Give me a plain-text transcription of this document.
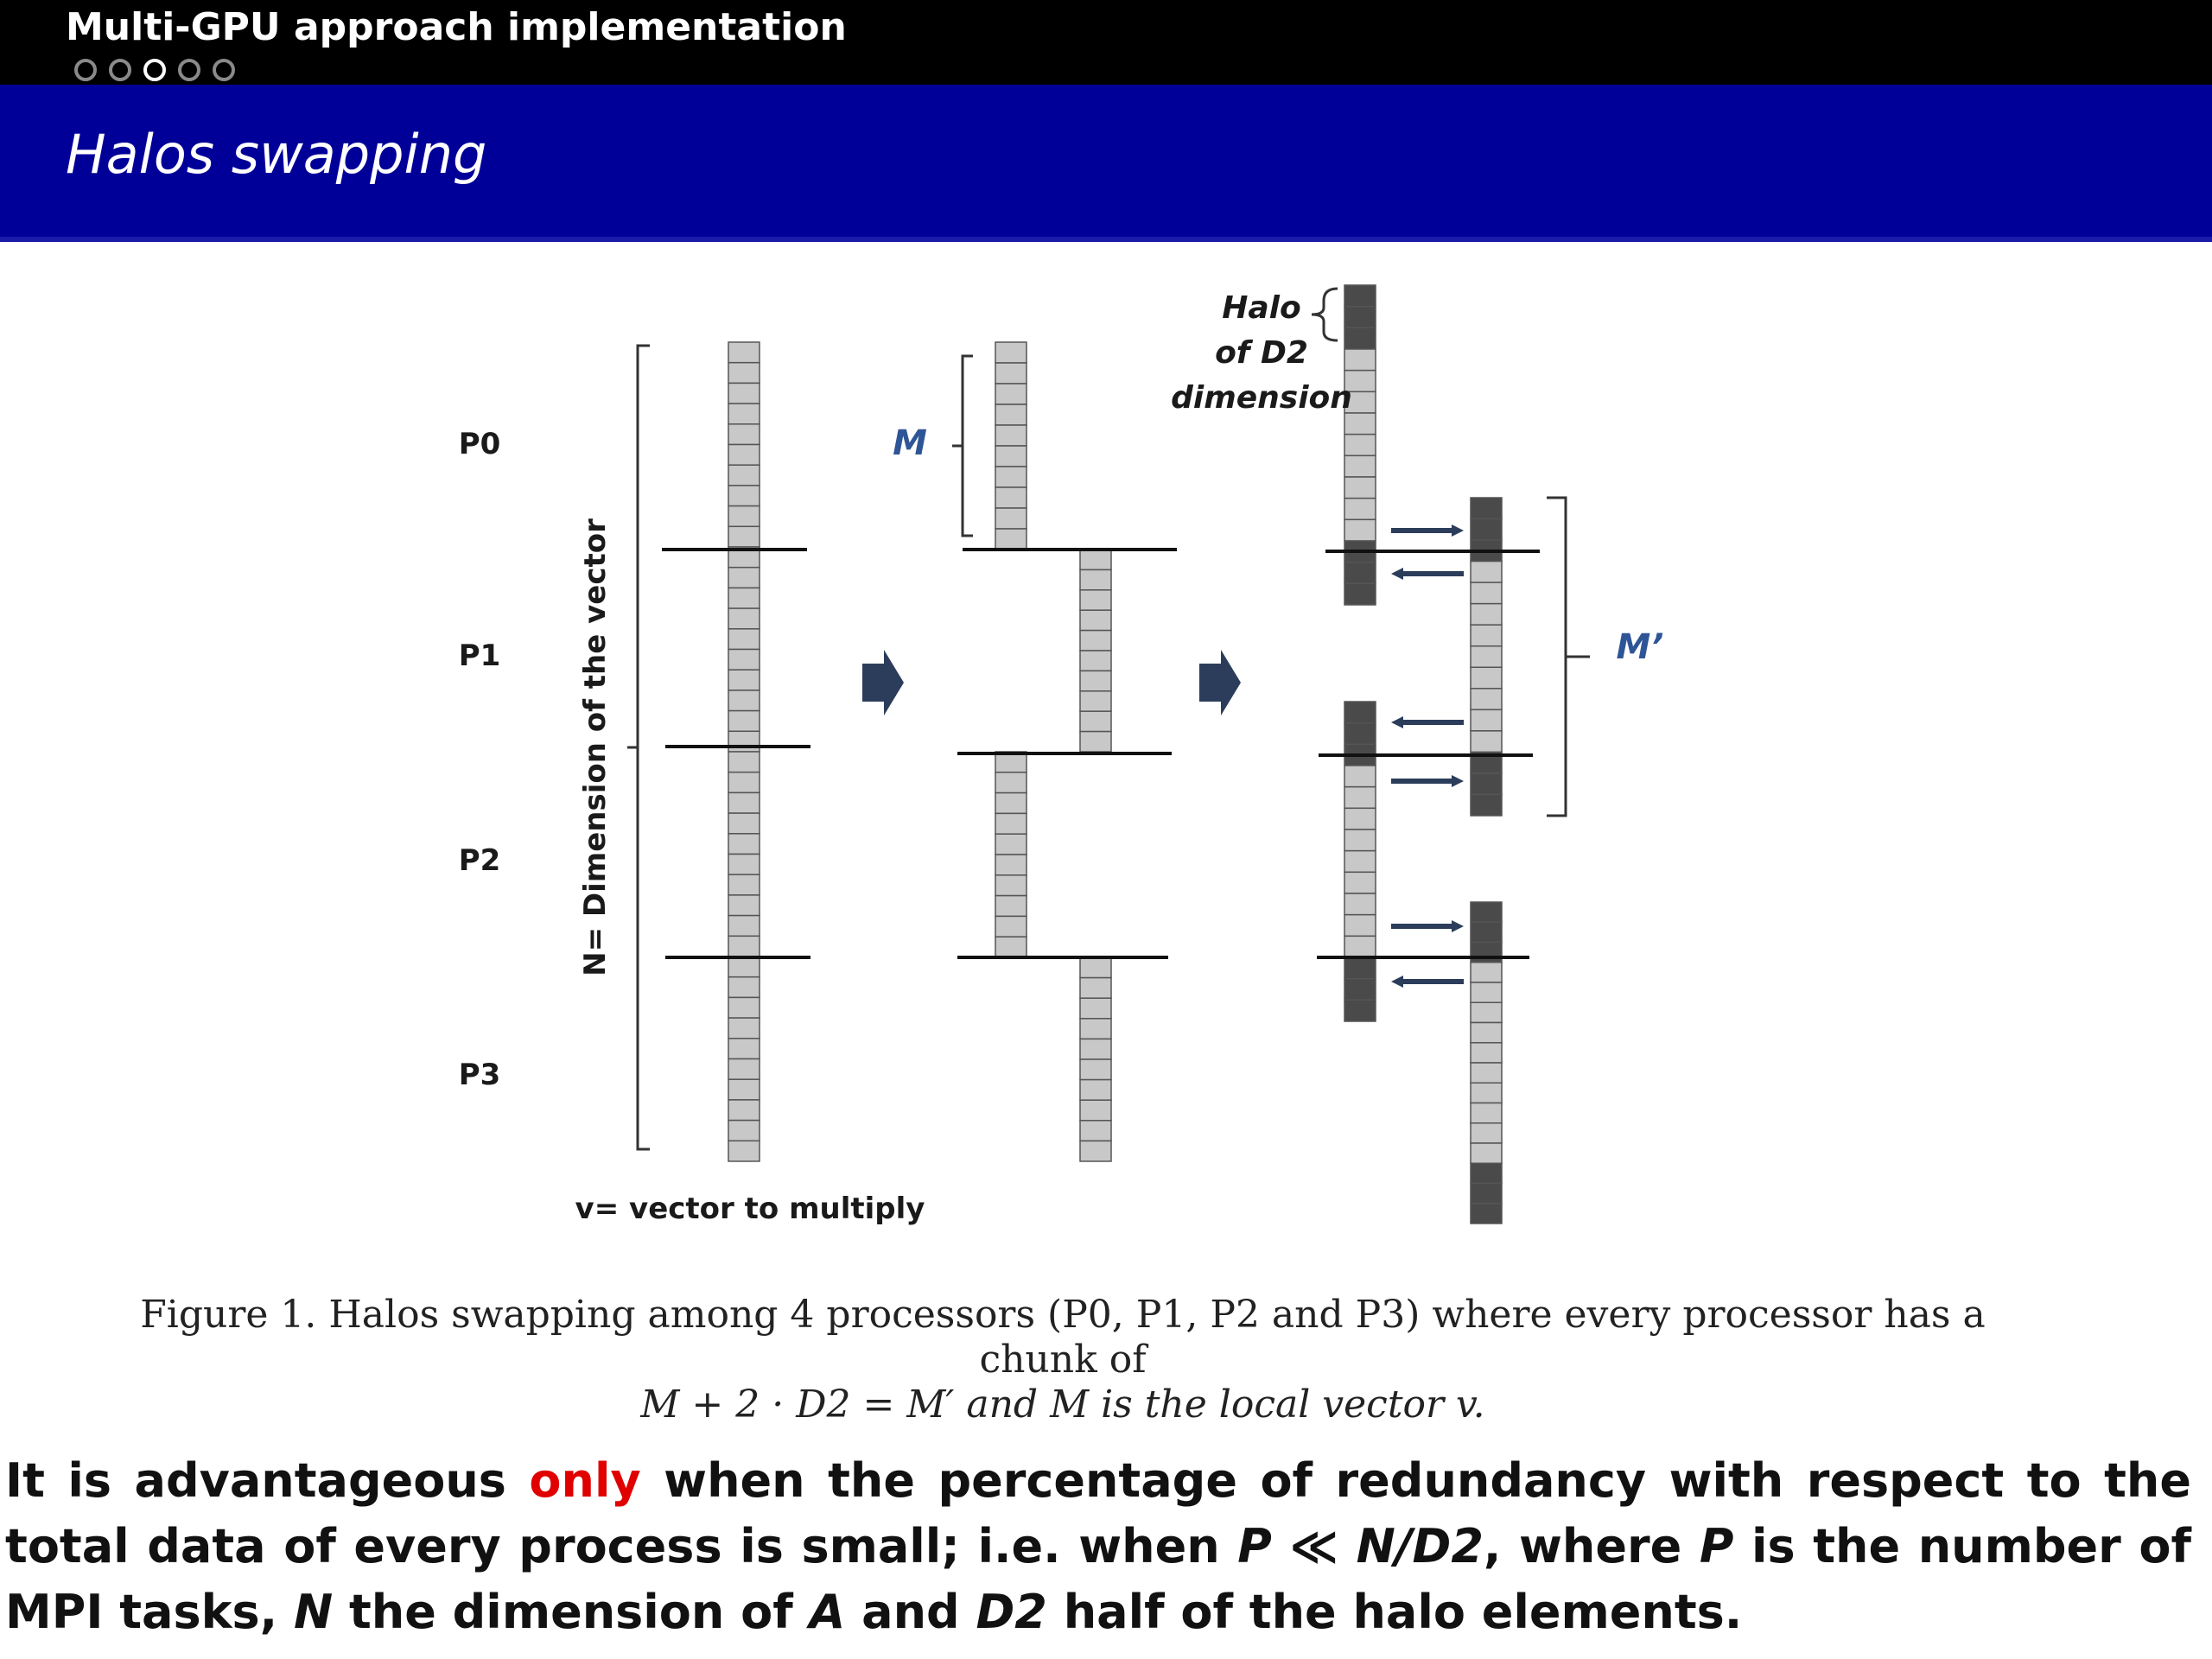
Multi-GPU approach implementation
Halos swapping
P0
P1
P2
P3
N= Dimension of the vector
v= vector to multiply
M
M’
Halo
of D2
dimension
Figure 1. Halos swapping among 4 processors (P0, P1, P2 and P3) where every processor has a chunk of
M + 2 · D2 = M′ and M is the local vector v.
It is advantageous only when the percentage of redundancy with respect to the total data of every process is small; i.e. when P ≪ N/D2, where P is the number of MPI tasks, N the dimension of A and D2 half of the halo elements.
